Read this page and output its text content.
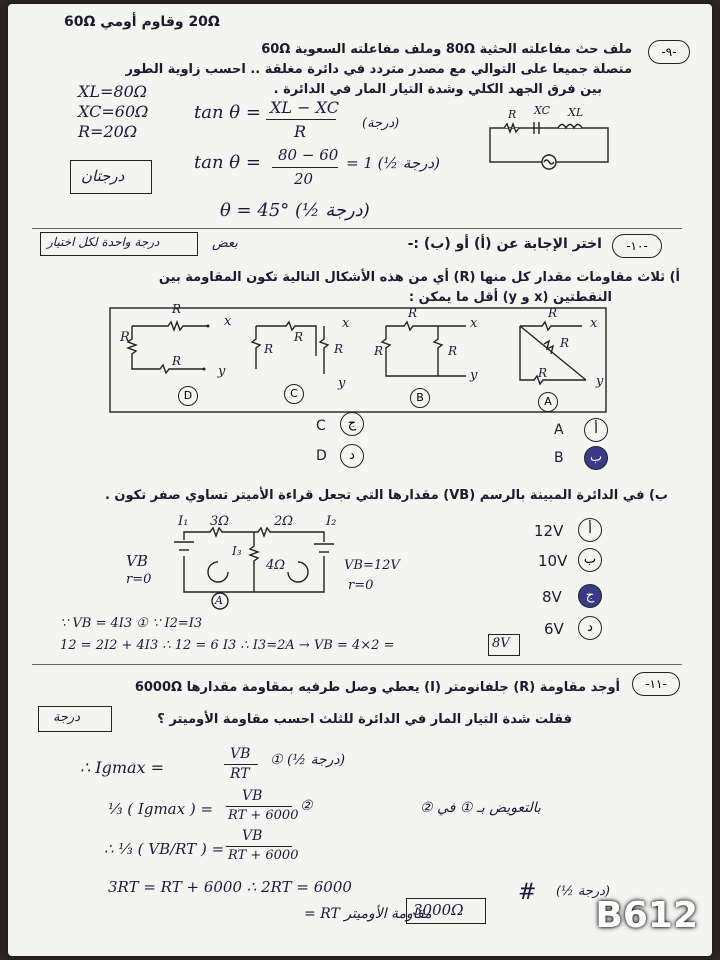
20Ω وقاوم أومي 60Ω
-٩-
ملف حث مفاعلته الحثية 80Ω وملف مفاعلته السعوية 60Ω
متصلة جميعا على التوالي مع مصدر متردد في دائرة مغلقة .. احسب زاوية الطور
بين فرق الجهد الكلي وشدة التيار المار في الدائرة .
XL=80Ω
XC=60Ω
R=20Ω
tan θ = XL − XC
R	(درجة)
tan θ = 80 − 60
20
= 1 (½ درجة)
θ = 45° (½ درجة)
درجتان
R XC XL
-١٠-
درجة واحدة لكل اختيار	بعض	اختر الإجابة عن (أ) أو (ب) :-
أ) ثلاث مقاومات مقدار كل منها (R) أي من هذه الأشكال التالية تكون المقاومة بين
النقطتين (x و y) أقل ما يمكن :
x
y
R
R
R
x
y
R
R	R
x
y
R
R	R
x
y
R
R
R
D	C	B	A
A	أ
B	ب
C	ج
D	د
ب) في الدائرة المبينة بالرسم (VB) مقدارها التي تجعل قراءة الأميتر تساوي صفر تكون .
I₁ 3Ω	2Ω	I₂
I₃
4Ω
VB
r=0
VB=12V
r=0
A
12V	أ
10V	ب
8V	ج
6V	د
∵ VB = 4I3 ① ∵ I2=I3
12 = 2I2 + 4I3 ∴ 12 = 6 I3 ∴ I3=2A → VB = 4×2 =	8V
-١١-
أوجد مقاومة (R) جلفانومتر (I) يعطي وصل طرفيه بمقاومة مقدارها 6000Ω
فقلت شدة التيار المار في الدائرة للثلث احسب مقاومة الأوميتر ؟
درجة
∴ Igmax =
VB
RT
① (½ درجة)
⅓ ( Igmax ) =
VB
RT + 6000
②	بالتعويض بـ ① في ②
∴ ⅓ ( VB/RT ) =
VB
RT + 6000
3RT = RT + 6000 ∴ 2RT = 6000
مقاومة الأوميتر RT =
3000Ω
(½ درجة)
#
B612
